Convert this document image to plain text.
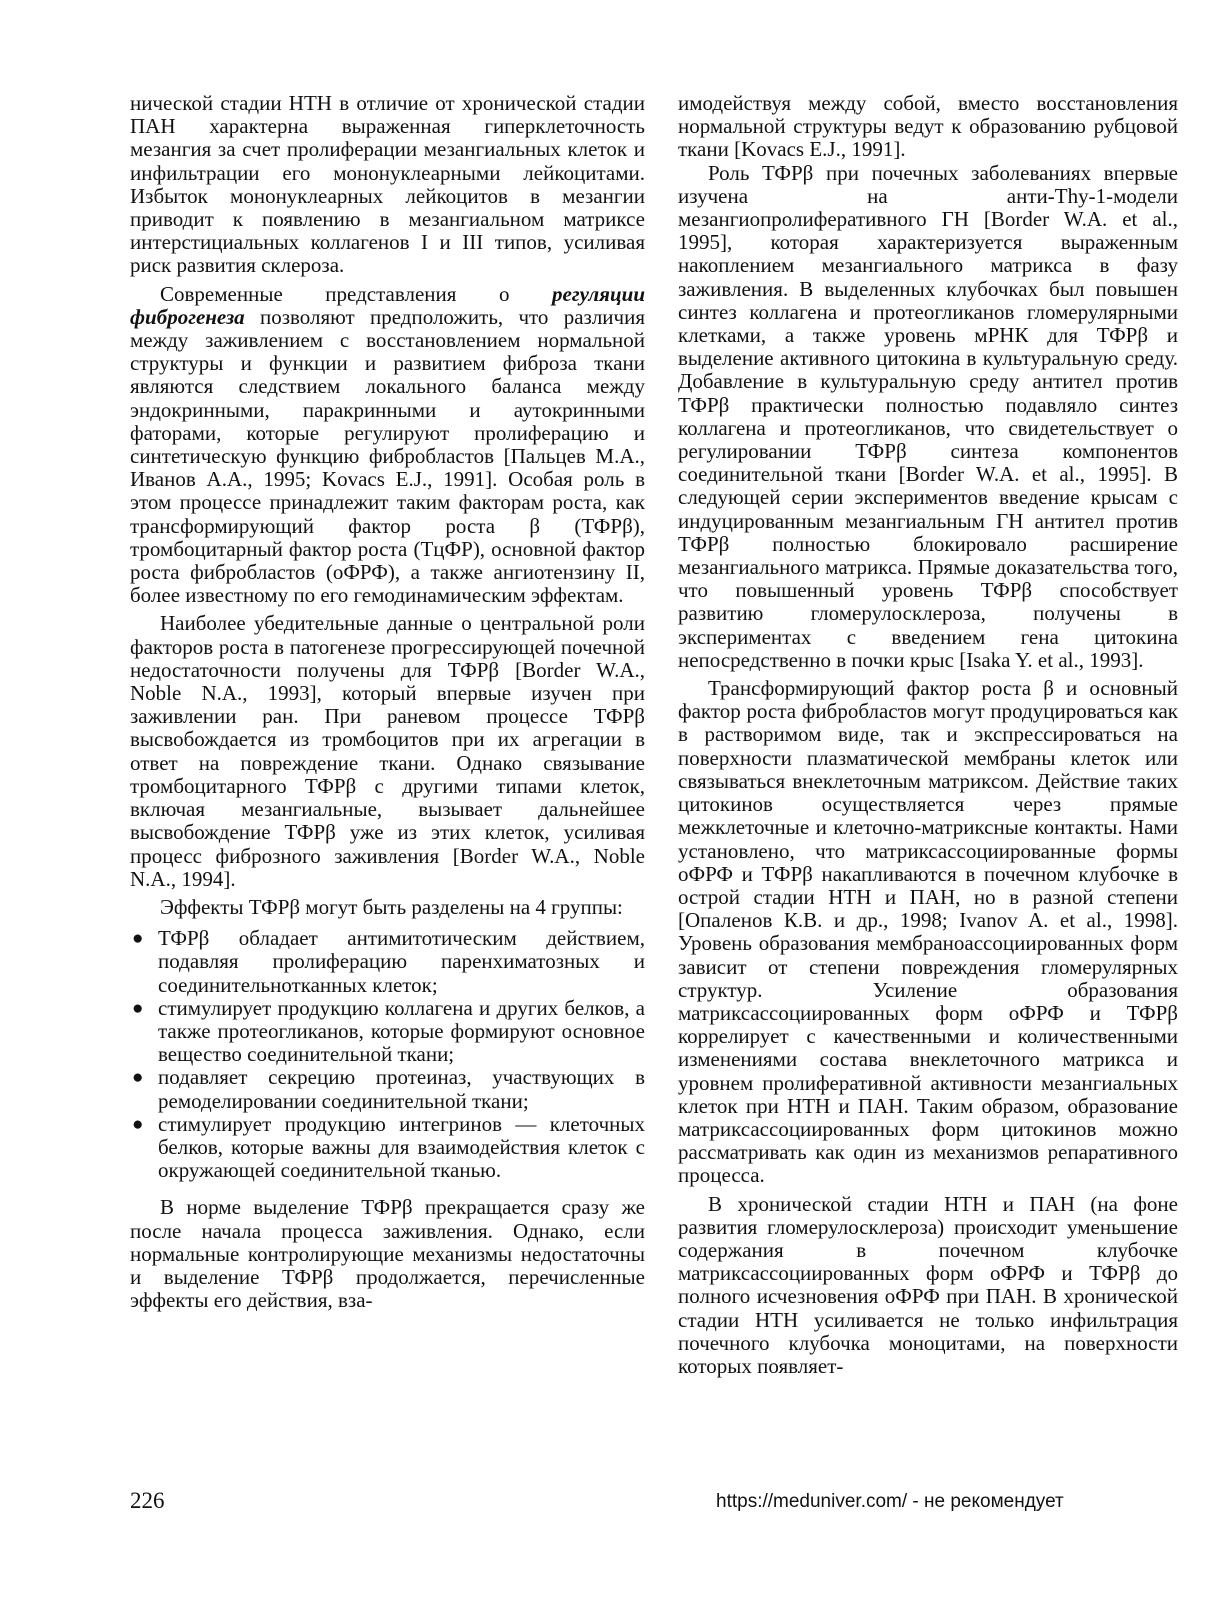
нической стадии НТН в отличие от хронической стадии ПАН характерна выраженная гиперклеточность мезангия за счет пролиферации мезангиальных клеток и инфильтрации его мононуклеарными лейкоцитами. Избыток мононуклеарных лейкоцитов в мезангии приводит к появлению в мезангиальном матриксе интерстициальных коллагенов I и III типов, усиливая риск развития склероза.

Современные представления о регуляции фиброгенеза позволяют предположить, что различия между заживлением с восстановлением нормальной структуры и функции и развитием фиброза ткани являются следствием локального баланса между эндокринными, паракринными и аутокринными фаторами, которые регулируют пролиферацию и синтетическую функцию фибробластов [Пальцев М.А., Иванов А.А., 1995; Kovacs E.J., 1991]. Особая роль в этом процессе принадлежит таким факторам роста, как трансформирующий фактор роста β (ТФРβ), тромбоцитарный фактор роста (ТцФР), основной фактор роста фибробластов (оФРФ), а также ангиотензину II, более известному по его гемодинамическим эффектам.

Наиболее убедительные данные о центральной роли факторов роста в патогенезе прогрессирующей почечной недостаточности получены для ТФРβ [Border W.A., Noble N.A., 1993], который впервые изучен при заживлении ран. При раневом процессе ТФРβ высвобождается из тромбоцитов при их агрегации в ответ на повреждение ткани. Однако связывание тромбоцитарного ТФРβ с другими типами клеток, включая мезангиальные, вызывает дальнейшее высвобождение ТФРβ уже из этих клеток, усиливая процесс фиброзного заживления [Border W.A., Noble N.A., 1994].

Эффекты ТФРβ могут быть разделены на 4 группы:

● ТФРβ обладает антимитотическим действием, подавляя пролиферацию паренхиматозных и соединительнотканных клеток;
● стимулирует продукцию коллагена и других белков, а также протеогликанов, которые формируют основное вещество соединительной ткани;
● подавляет секрецию протеиназ, участвующих в ремоделировании соединительной ткани;
● стимулирует продукцию интегринов — клеточных белков, которые важны для взаимодействия клеток с окружающей соединительной тканью.

В норме выделение ТФРβ прекращается сразу же после начала процесса заживления. Однако, если нормальные контролирующие механизмы недостаточны и выделение ТФРβ продолжается, перечисленные эффекты его действия, вза-

имодействуя между собой, вместо восстановления нормальной структуры ведут к образованию рубцовой ткани [Kovacs E.J., 1991].

Роль ТФРβ при почечных заболеваниях впервые изучена на анти-Thy-1-модели мезангиопролиферативного ГН [Border W.A. et al., 1995], которая характеризуется выраженным накоплением мезангиального матрикса в фазу заживления. В выделенных клубочках был повышен синтез коллагена и протеогликанов гломерулярными клетками, а также уровень мРНК для ТФРβ и выделение активного цитокина в культуральную среду. Добавление в культуральную среду антител против ТФРβ практически полностью подавляло синтез коллагена и протеогликанов, что свидетельствует о регулировании ТФРβ синтеза компонентов соединительной ткани [Border W.A. et al., 1995]. В следующей серии экспериментов введение крысам с индуцированным мезангиальным ГН антител против ТФРβ полностью блокировало расширение мезангиального матрикса. Прямые доказательства того, что повышенный уровень ТФРβ способствует развитию гломерулосклероза, получены в экспериментах с введением гена цитокина непосредственно в почки крыс [Isaka Y. et al., 1993].

Трансформирующий фактор роста β и основный фактор роста фибробластов могут продуцироваться как в растворимом виде, так и экспрессироваться на поверхности плазматической мембраны клеток или связываться внеклеточным матриксом. Действие таких цитокинов осуществляется через прямые межклеточные и клеточно-матриксные контакты. Нами установлено, что матриксассоциированные формы оФРФ и ТФРβ накапливаются в почечном клубочке в острой стадии НТН и ПАН, но в разной степени [Опаленов К.В. и др., 1998; Ivanov A. et al., 1998]. Уровень образования мембраноассоциированных форм зависит от степени повреждения гломерулярных структур. Усиление образования матриксассоциированных форм оФРФ и ТФРβ коррелирует с качественными и количественными изменениями состава внеклеточного матрикса и уровнем пролиферативной активности мезангиальных клеток при НТН и ПАН. Таким образом, образование матриксассоциированных форм цитокинов можно рассматривать как один из механизмов репаративного процесса.

В хронической стадии НТН и ПАН (на фоне развития гломерулосклероза) происходит уменьшение содержания в почечном клубочке матриксассоциированных форм оФРФ и ТФРβ до полного исчезновения оФРФ при ПАН. В хронической стадии НТН усиливается не только инфильтрация почечного клубочка моноцитами, на поверхности которых появляет-

226	https://meduniver.com/ - не рекомендует
